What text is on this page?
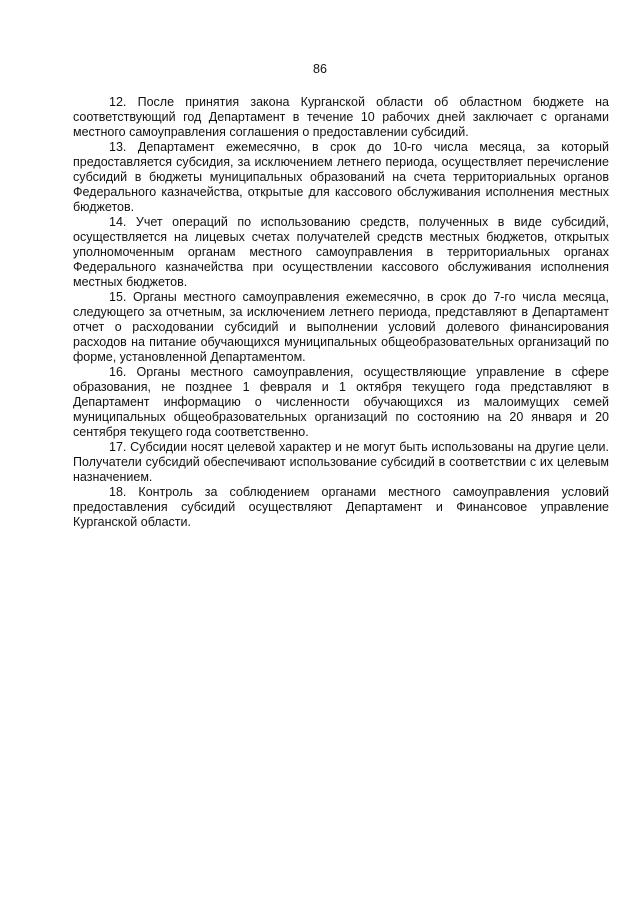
86

12. После принятия закона Курганской области об областном бюджете на соответствующий год Департамент в течение 10 рабочих дней заключает с органами местного самоуправления соглашения о предоставлении субсидий.

13. Департамент ежемесячно, в срок до 10-го числа месяца, за который предоставляется субсидия, за исключением летнего периода, осуществляет перечисление субсидий в бюджеты муниципальных образований на счета территориальных органов Федерального казначейства, открытые для кассового обслуживания исполнения местных бюджетов.

14. Учет операций по использованию средств, полученных в виде субсидий, осуществляется на лицевых счетах получателей средств местных бюджетов, открытых уполномоченным органам местного самоуправления в территориальных органах Федерального казначейства при осуществлении кассового обслуживания исполнения местных бюджетов.

15. Органы местного самоуправления ежемесячно, в срок до 7-го числа месяца, следующего за отчетным, за исключением летнего периода, представляют в Департамент отчет о расходовании субсидий и выполнении условий долевого финансирования расходов на питание обучающихся муниципальных общеобразовательных организаций по форме, установленной Департаментом.

16. Органы местного самоуправления, осуществляющие управление в сфере образования, не позднее 1 февраля и 1 октября текущего года представляют в Департамент информацию о численности обучающихся из малоимущих семей муниципальных общеобразовательных организаций по состоянию на 20 января и 20 сентября текущего года соответственно.

17. Субсидии носят целевой характер и не могут быть использованы на другие цели. Получатели субсидий обеспечивают использование субсидий в соответствии с их целевым назначением.

18. Контроль за соблюдением органами местного самоуправления условий предоставления субсидий осуществляют Департамент и Финансовое управление Курганской области.
